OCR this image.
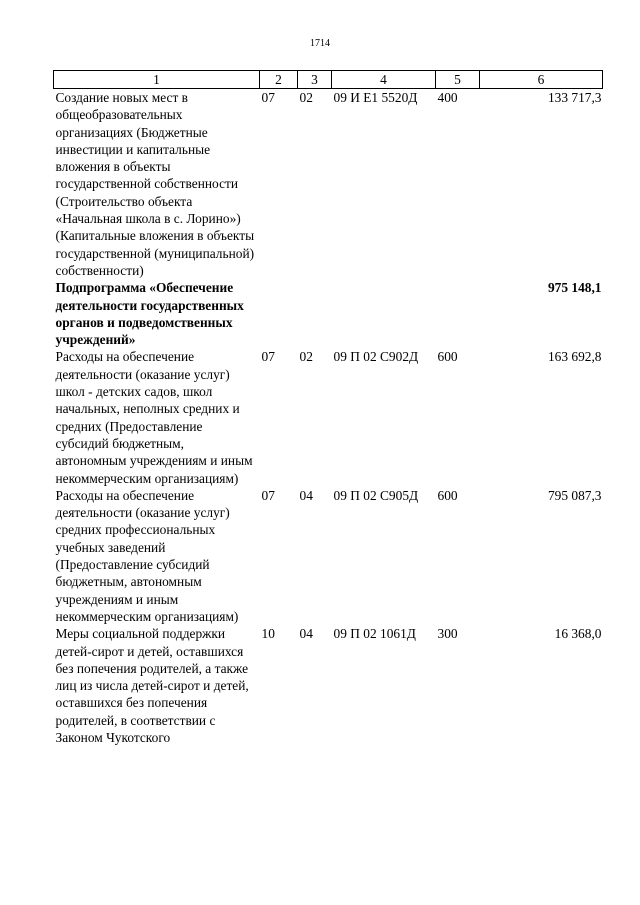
1714
1	2	3	4	5	6
Создание новых мест в общеобразовательных организациях (Бюджетные инвестиции и капитальные вложения в объекты государственной собственности (Строительство объекта «Начальная школа в с. Лорино») (Капитальные вложения в объекты государственной (муниципальной) собственности)	07	02	09 И Е1 5520Д	400	133 717,3
Подпрограмма «Обеспечение деятельности государственных органов и подведомственных учреждений»					975 148,1
Расходы на обеспечение деятельности (оказание услуг) школ - детских садов, школ начальных, неполных средних и средних (Предоставление субсидий бюджетным, автономным учреждениям и иным некоммерческим организациям)	07	02	09 П 02 С902Д	600	163 692,8
Расходы на обеспечение деятельности (оказание услуг) средних профессиональных учебных заведений (Предоставление субсидий бюджетным, автономным учреждениям и иным некоммерческим организациям)	07	04	09 П 02 С905Д	600	795 087,3
Меры социальной поддержки детей-сирот и детей, оставшихся без попечения родителей, а также лиц из числа детей-сирот и детей, оставшихся без попечения родителей, в соответствии с Законом Чукотского	10	04	09 П 02 1061Д	300	16 368,0
